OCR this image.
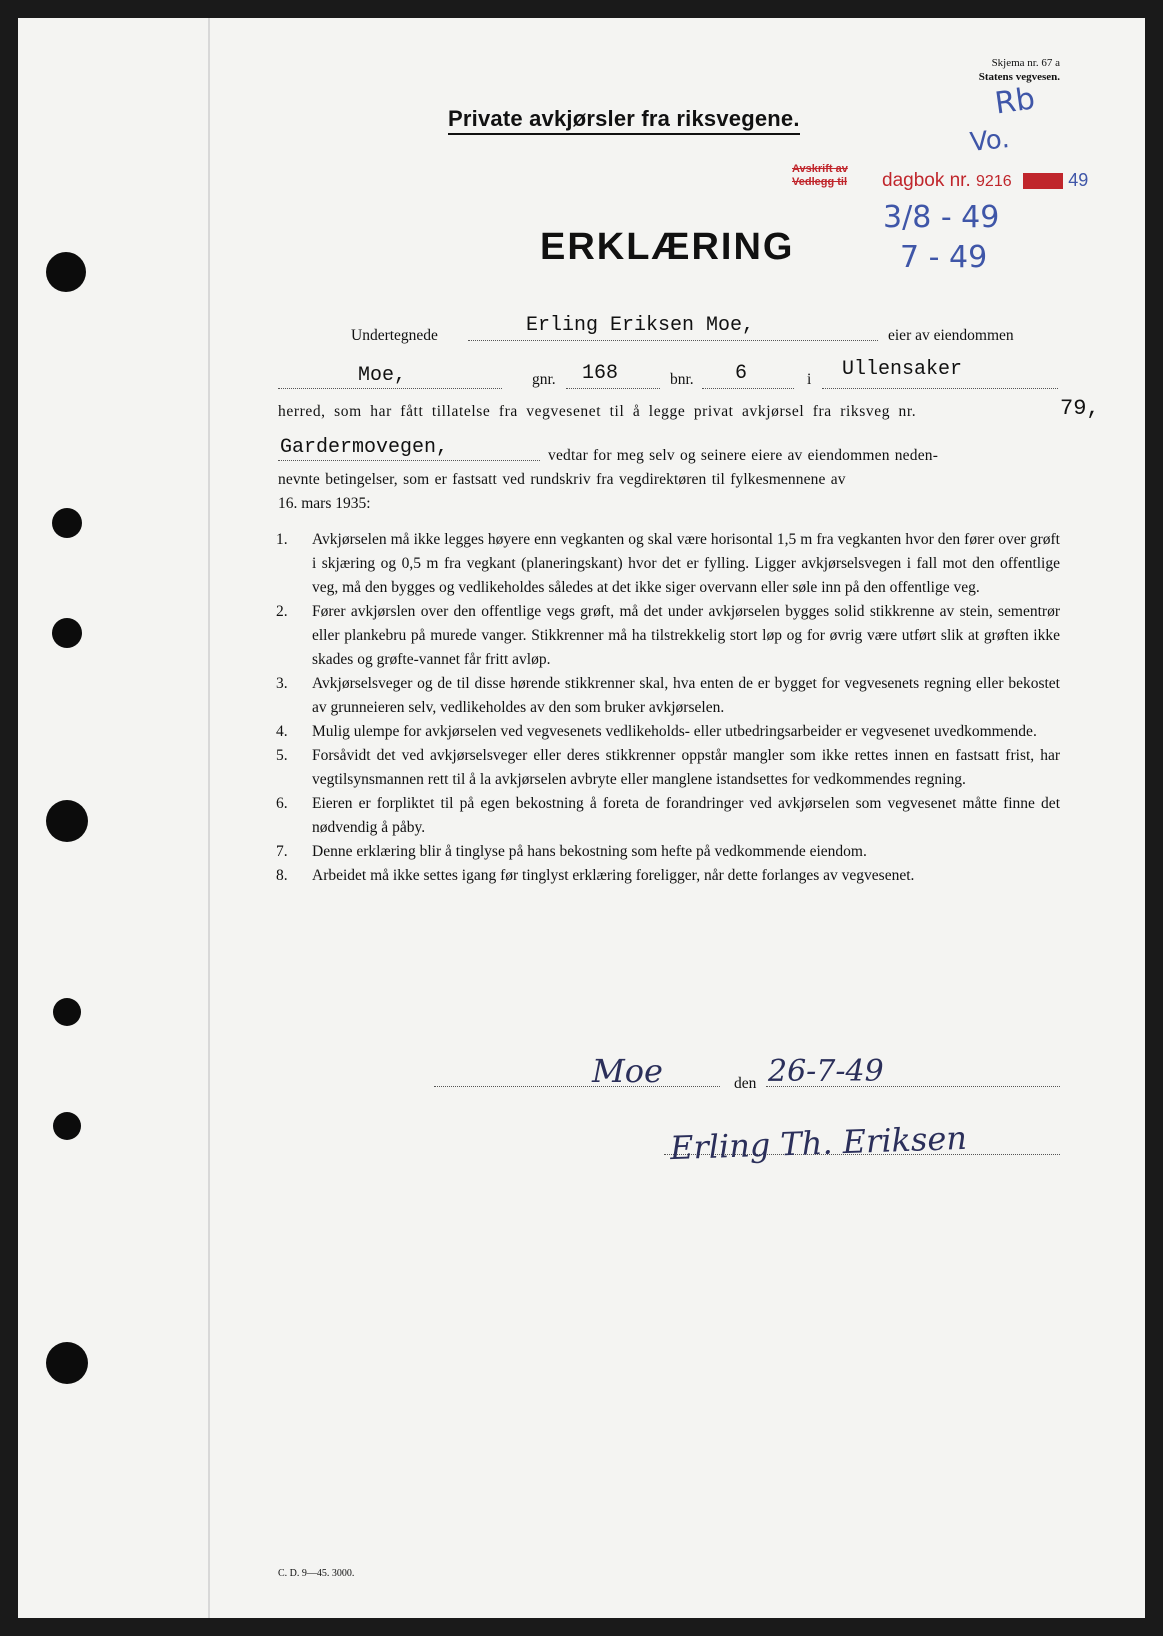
Skjema nr. 67 a
Statens vegvesen.
Private avkjørsler fra riksvegene.	Rb
Vo.
Avskrift av
Vedlegg til dagbok nr. 9216	49
ERKLÆRING
3/8 - 49
7 - 49
Undertegnede	Erling Eriksen Moe,	eier av eiendommen
Moe,	gnr. 168	bnr. 6	i Ullensaker
herred, som har fått tillatelse fra vegvesenet til å legge privat avkjørsel fra riksveg nr.	79,
Gardermovegen,	vedtar for meg selv og seinere eiere av eiendommen neden-
nevnte betingelser, som er fastsatt ved rundskriv fra vegdirektøren til fylkesmennene av
16. mars 1935:
1. Avkjørselen må ikke legges høyere enn vegkanten og skal være horisontal 1,5 m fra vegkanten hvor den fører over grøft i skjæring og 0,5 m fra vegkant (planeringskant) hvor det er fylling. Ligger avkjørselsvegen i fall mot den offentlige veg, må den bygges og vedlikeholdes således at det ikke siger overvann eller søle inn på den offentlige veg.
2. Fører avkjørslen over den offentlige vegs grøft, må det under avkjørselen bygges solid stikkrenne av stein, sementrør eller plankebru på murede vanger. Stikkrenner må ha tilstrekkelig stort løp og for øvrig være utført slik at grøften ikke skades og grøfte-vannet får fritt avløp.
3. Avkjørselsveger og de til disse hørende stikkrenner skal, hva enten de er bygget for vegvesenets regning eller bekostet av grunneieren selv, vedlikeholdes av den som bruker avkjørselen.
4. Mulig ulempe for avkjørselen ved vegvesenets vedlikeholds- eller utbedringsarbeider er vegvesenet uvedkommende.
5. Forsåvidt det ved avkjørselsveger eller deres stikkrenner oppstår mangler som ikke rettes innen en fastsatt frist, har vegtilsynsmannen rett til å la avkjørselen avbryte eller manglene istandsettes for vedkommendes regning.
6. Eieren er forpliktet til på egen bekostning å foreta de forandringer ved avkjørselen som vegvesenet måtte finne det nødvendig å påby.
7. Denne erklæring blir å tinglyse på hans bekostning som hefte på vedkommende eiendom.
8. Arbeidet må ikke settes igang før tinglyst erklæring foreligger, når dette forlanges av vegvesenet.
Moe	den 26-7-49
Erling Th. Eriksen
C. D. 9—45. 3000.
